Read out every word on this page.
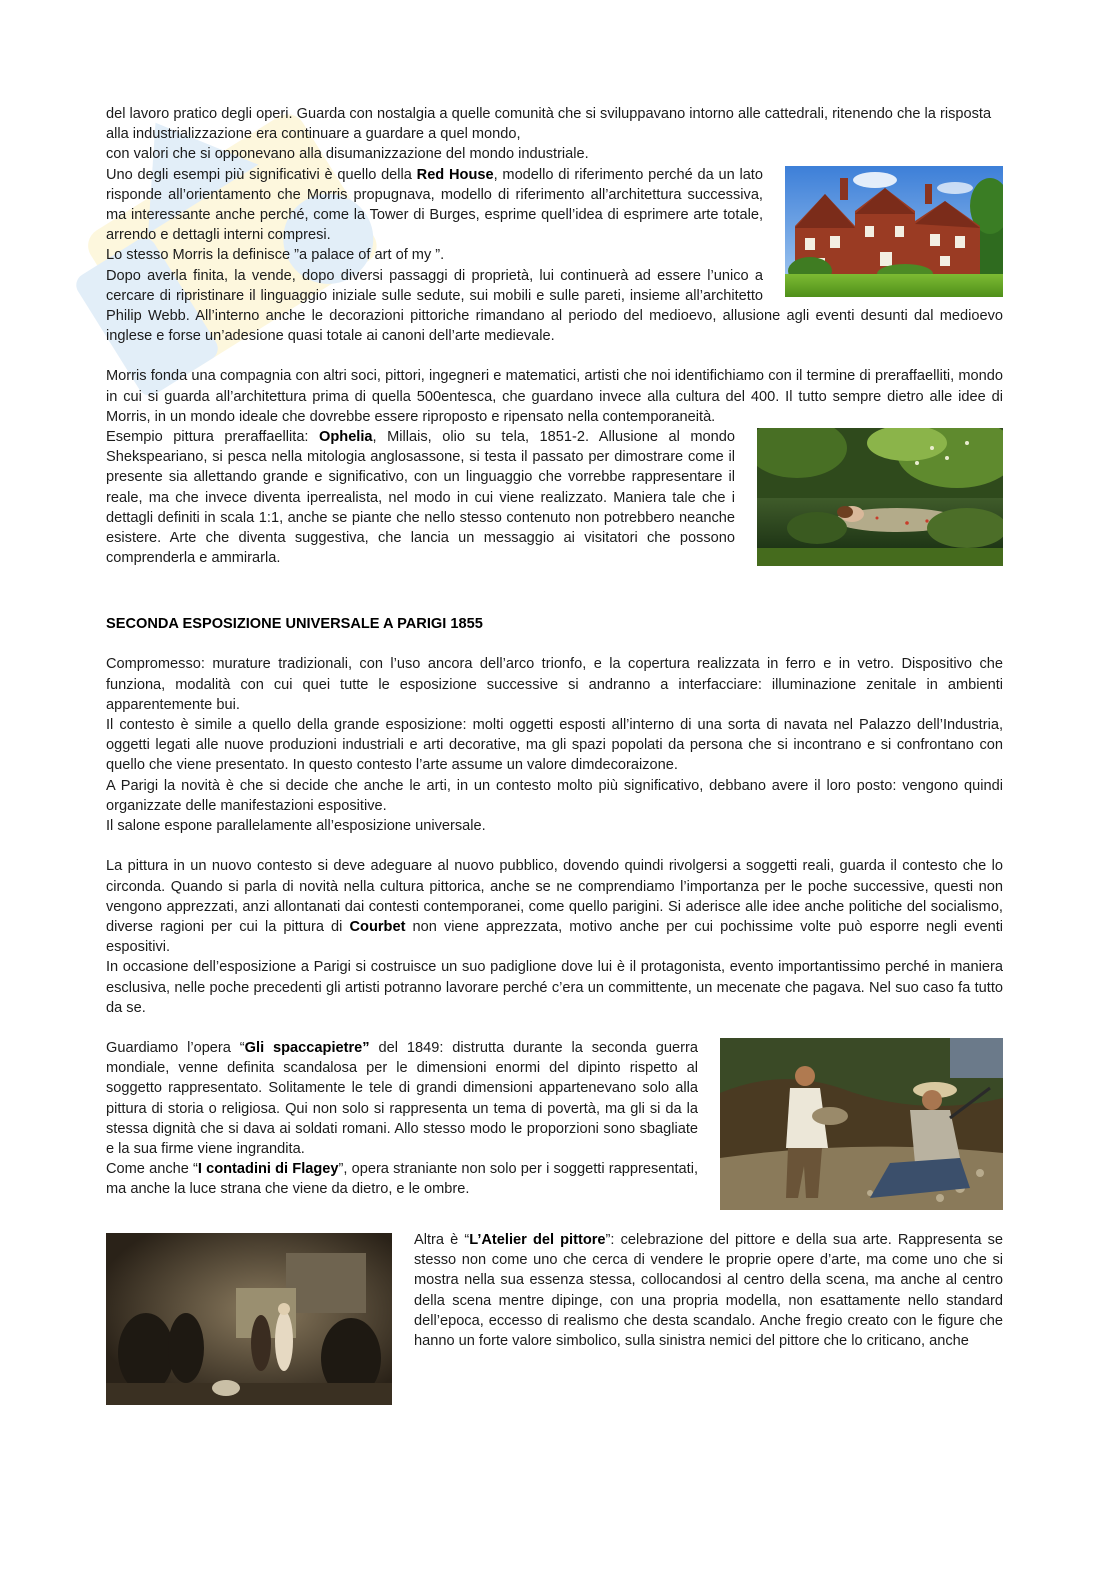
del lavoro pratico degli operi. Guarda con nostalgia a quelle comunità che si sviluppavano intorno alle cattedrali, ritenendo che la risposta alla industrializzazione era continuare a guardare a quel mondo,

con valori che si opponevano alla disumanizzazione del mondo industriale.

Uno degli esempi più significativi è quello della Red House, modello di riferimento perché da un lato risponde all’orientamento che Morris propugnava, modello di riferimento all’architettura successiva, ma interessante anche perché, come la Tower di Burges, esprime quell’idea di esprimere arte totale, arrendo e dettagli interni compresi.

Lo stesso Morris la definisce ”a palace of art of my ”.

Dopo averla finita, la vende, dopo diversi passaggi di proprietà, lui continuerà ad essere l’unico a cercare di ripristinare il linguaggio iniziale sulle sedute, sui mobili e sulle pareti, insieme all’architetto Philip Webb. All’interno anche le decorazioni pittoriche rimandano al periodo del medioevo, allusione agli eventi desunti dal medioevo inglese e forse un’adesione quasi totale ai canoni dell’arte medievale.

Morris fonda una compagnia con altri soci, pittori, ingegneri e matematici, artisti che noi identifichiamo con il termine di preraffaelliti, mondo in cui si guarda all’architettura prima di quella 500entesca, che guardano invece alla cultura del 400. Il tutto sempre dietro alle idee di Morris, in un mondo ideale che dovrebbe essere riproposto e ripensato nella contemporaneità.

Esempio pittura preraffaellita: Ophelia, Millais, olio su tela, 1851-2. Allusione al mondo Shekspeariano, si pesca nella mitologia anglosassone, si testa il passato per dimostrare come il presente sia allettando grande e significativo, con un linguaggio che vorrebbe rappresentare il reale, ma che invece diventa iperrealista, nel modo in cui viene realizzato. Maniera tale che i dettagli definiti in scala 1:1, anche se piante che nello stesso contenuto non potrebbero neanche esistere. Arte che diventa suggestiva, che lancia un messaggio ai visitatori che possono comprenderla e ammirarla.

SECONDA ESPOSIZIONE UNIVERSALE A PARIGI 1855

Compromesso: murature tradizionali, con l’uso ancora dell’arco trionfo, e la copertura realizzata in ferro e in vetro. Dispositivo che funziona, modalità con cui quei tutte le esposizione successive si andranno a interfacciare: illuminazione zenitale in ambienti apparentemente bui.

Il contesto è simile a quello della grande esposizione: molti oggetti esposti all’interno di una sorta di navata nel Palazzo dell’Industria, oggetti legati alle nuove produzioni industriali e arti decorative, ma gli spazi popolati da persona che si incontrano e si confrontano con quello che viene presentato. In questo contesto l’arte assume un valore dimdecoraizone.

A Parigi la novità è che si decide che anche le arti, in un contesto molto più significativo, debbano avere il loro posto: vengono quindi organizzate delle manifestazioni espositive.

Il salone espone parallelamente all’esposizione universale.

La pittura in un nuovo contesto si deve adeguare al nuovo pubblico, dovendo quindi rivolgersi a soggetti reali, guarda il contesto che lo circonda. Quando si parla di novità nella cultura pittorica, anche se ne comprendiamo l’importanza per le poche successive, questi non vengono apprezzati, anzi allontanati dai contesti contemporanei, come quello parigini. Si aderisce alle idee anche politiche del socialismo, diverse ragioni per cui la pittura di Courbet non viene apprezzata, motivo anche per cui pochissime volte può esporre negli eventi espositivi.

In occasione dell’esposizione a Parigi si costruisce un suo padiglione dove lui è il protagonista, evento importantissimo perché in maniera esclusiva, nelle poche precedenti gli artisti potranno lavorare perché c’era un committente, un mecenate che pagava. Nel suo caso fa tutto da se.

Guardiamo l’opera “Gli spaccapietre” del 1849: distrutta durante la seconda guerra mondiale, venne definita scandalosa per le dimensioni enormi del dipinto rispetto al soggetto rappresentato. Solitamente le tele di grandi dimensioni appartenevano solo alla pittura di storia o religiosa. Qui non solo si rappresenta un tema di povertà, ma gli si da la stessa dignità che si dava ai soldati romani. Allo stesso modo le proporzioni sono sbagliate e la sua firme viene ingrandita.

Come anche “I contadini di Flagey”, opera straniante non solo per i soggetti rappresentati, ma anche la luce strana che viene da dietro, e le ombre.

Altra è “L’Atelier del pittore”: celebrazione del pittore e della sua arte. Rappresenta se stesso non come uno che cerca di vendere le proprie opere d’arte, ma come uno che si mostra nella sua essenza stessa, collocandosi al centro della scena, ma anche al centro della scena mentre dipinge, con una propria modella, non esattamente nello standard dell’epoca, eccesso di realismo che desta scandalo. Anche fregio creato con le figure che hanno un forte valore simbolico, sulla sinistra nemici del pittore che lo criticano, anche
